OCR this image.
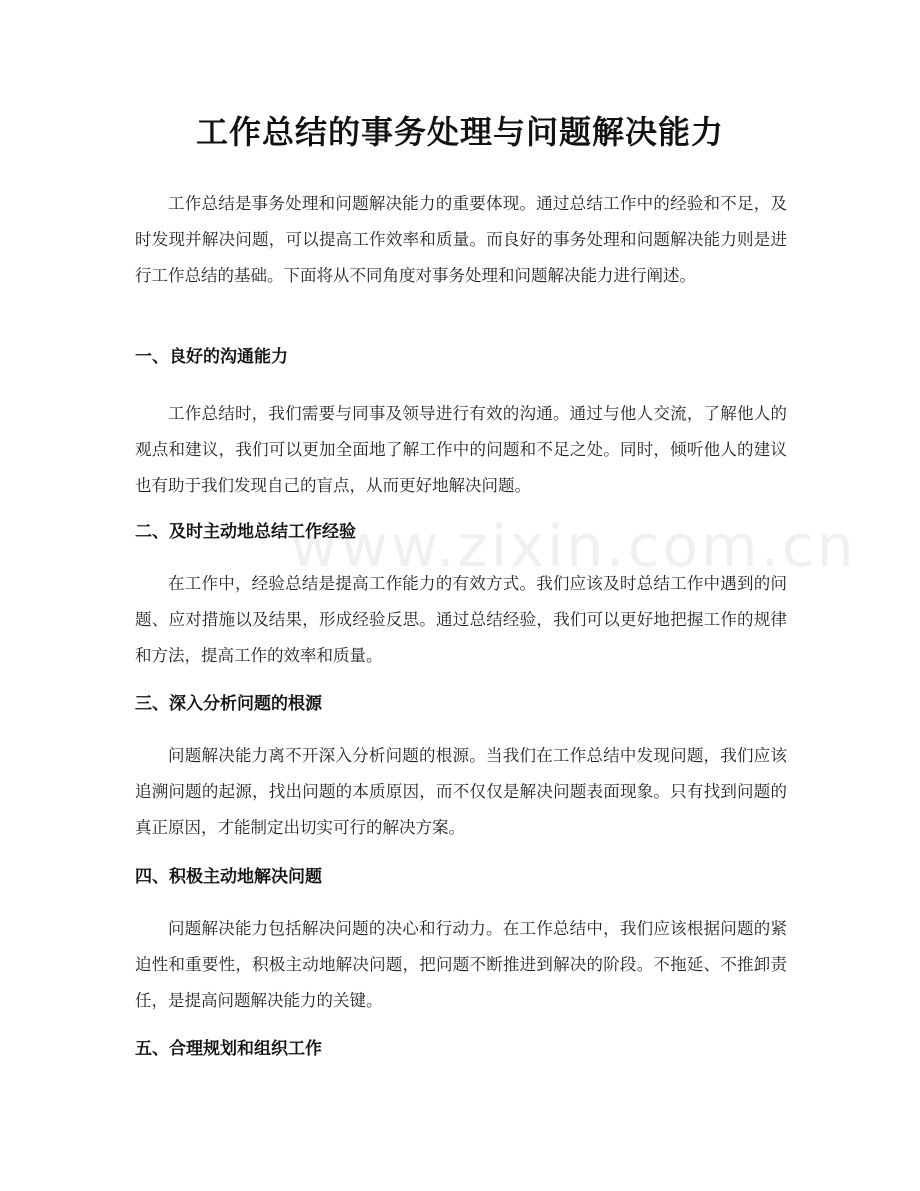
www.zixin.com.cn
工作总结的事务处理与问题解决能力

工作总结是事务处理和问题解决能力的重要体现。通过总结工作中的经验和不足，及时发现并解决问题，可以提高工作效率和质量。而良好的事务处理和问题解决能力则是进行工作总结的基础。下面将从不同角度对事务处理和问题解决能力进行阐述。

一、良好的沟通能力

工作总结时，我们需要与同事及领导进行有效的沟通。通过与他人交流，了解他人的观点和建议，我们可以更加全面地了解工作中的问题和不足之处。同时，倾听他人的建议也有助于我们发现自己的盲点，从而更好地解决问题。

二、及时主动地总结工作经验

在工作中，经验总结是提高工作能力的有效方式。我们应该及时总结工作中遇到的问题、应对措施以及结果，形成经验反思。通过总结经验，我们可以更好地把握工作的规律和方法，提高工作的效率和质量。

三、深入分析问题的根源

问题解决能力离不开深入分析问题的根源。当我们在工作总结中发现问题，我们应该追溯问题的起源，找出问题的本质原因，而不仅仅是解决问题表面现象。只有找到问题的真正原因，才能制定出切实可行的解决方案。

四、积极主动地解决问题

问题解决能力包括解决问题的决心和行动力。在工作总结中，我们应该根据问题的紧迫性和重要性，积极主动地解决问题，把问题不断推进到解决的阶段。不拖延、不推卸责任，是提高问题解决能力的关键。

五、合理规划和组织工作
